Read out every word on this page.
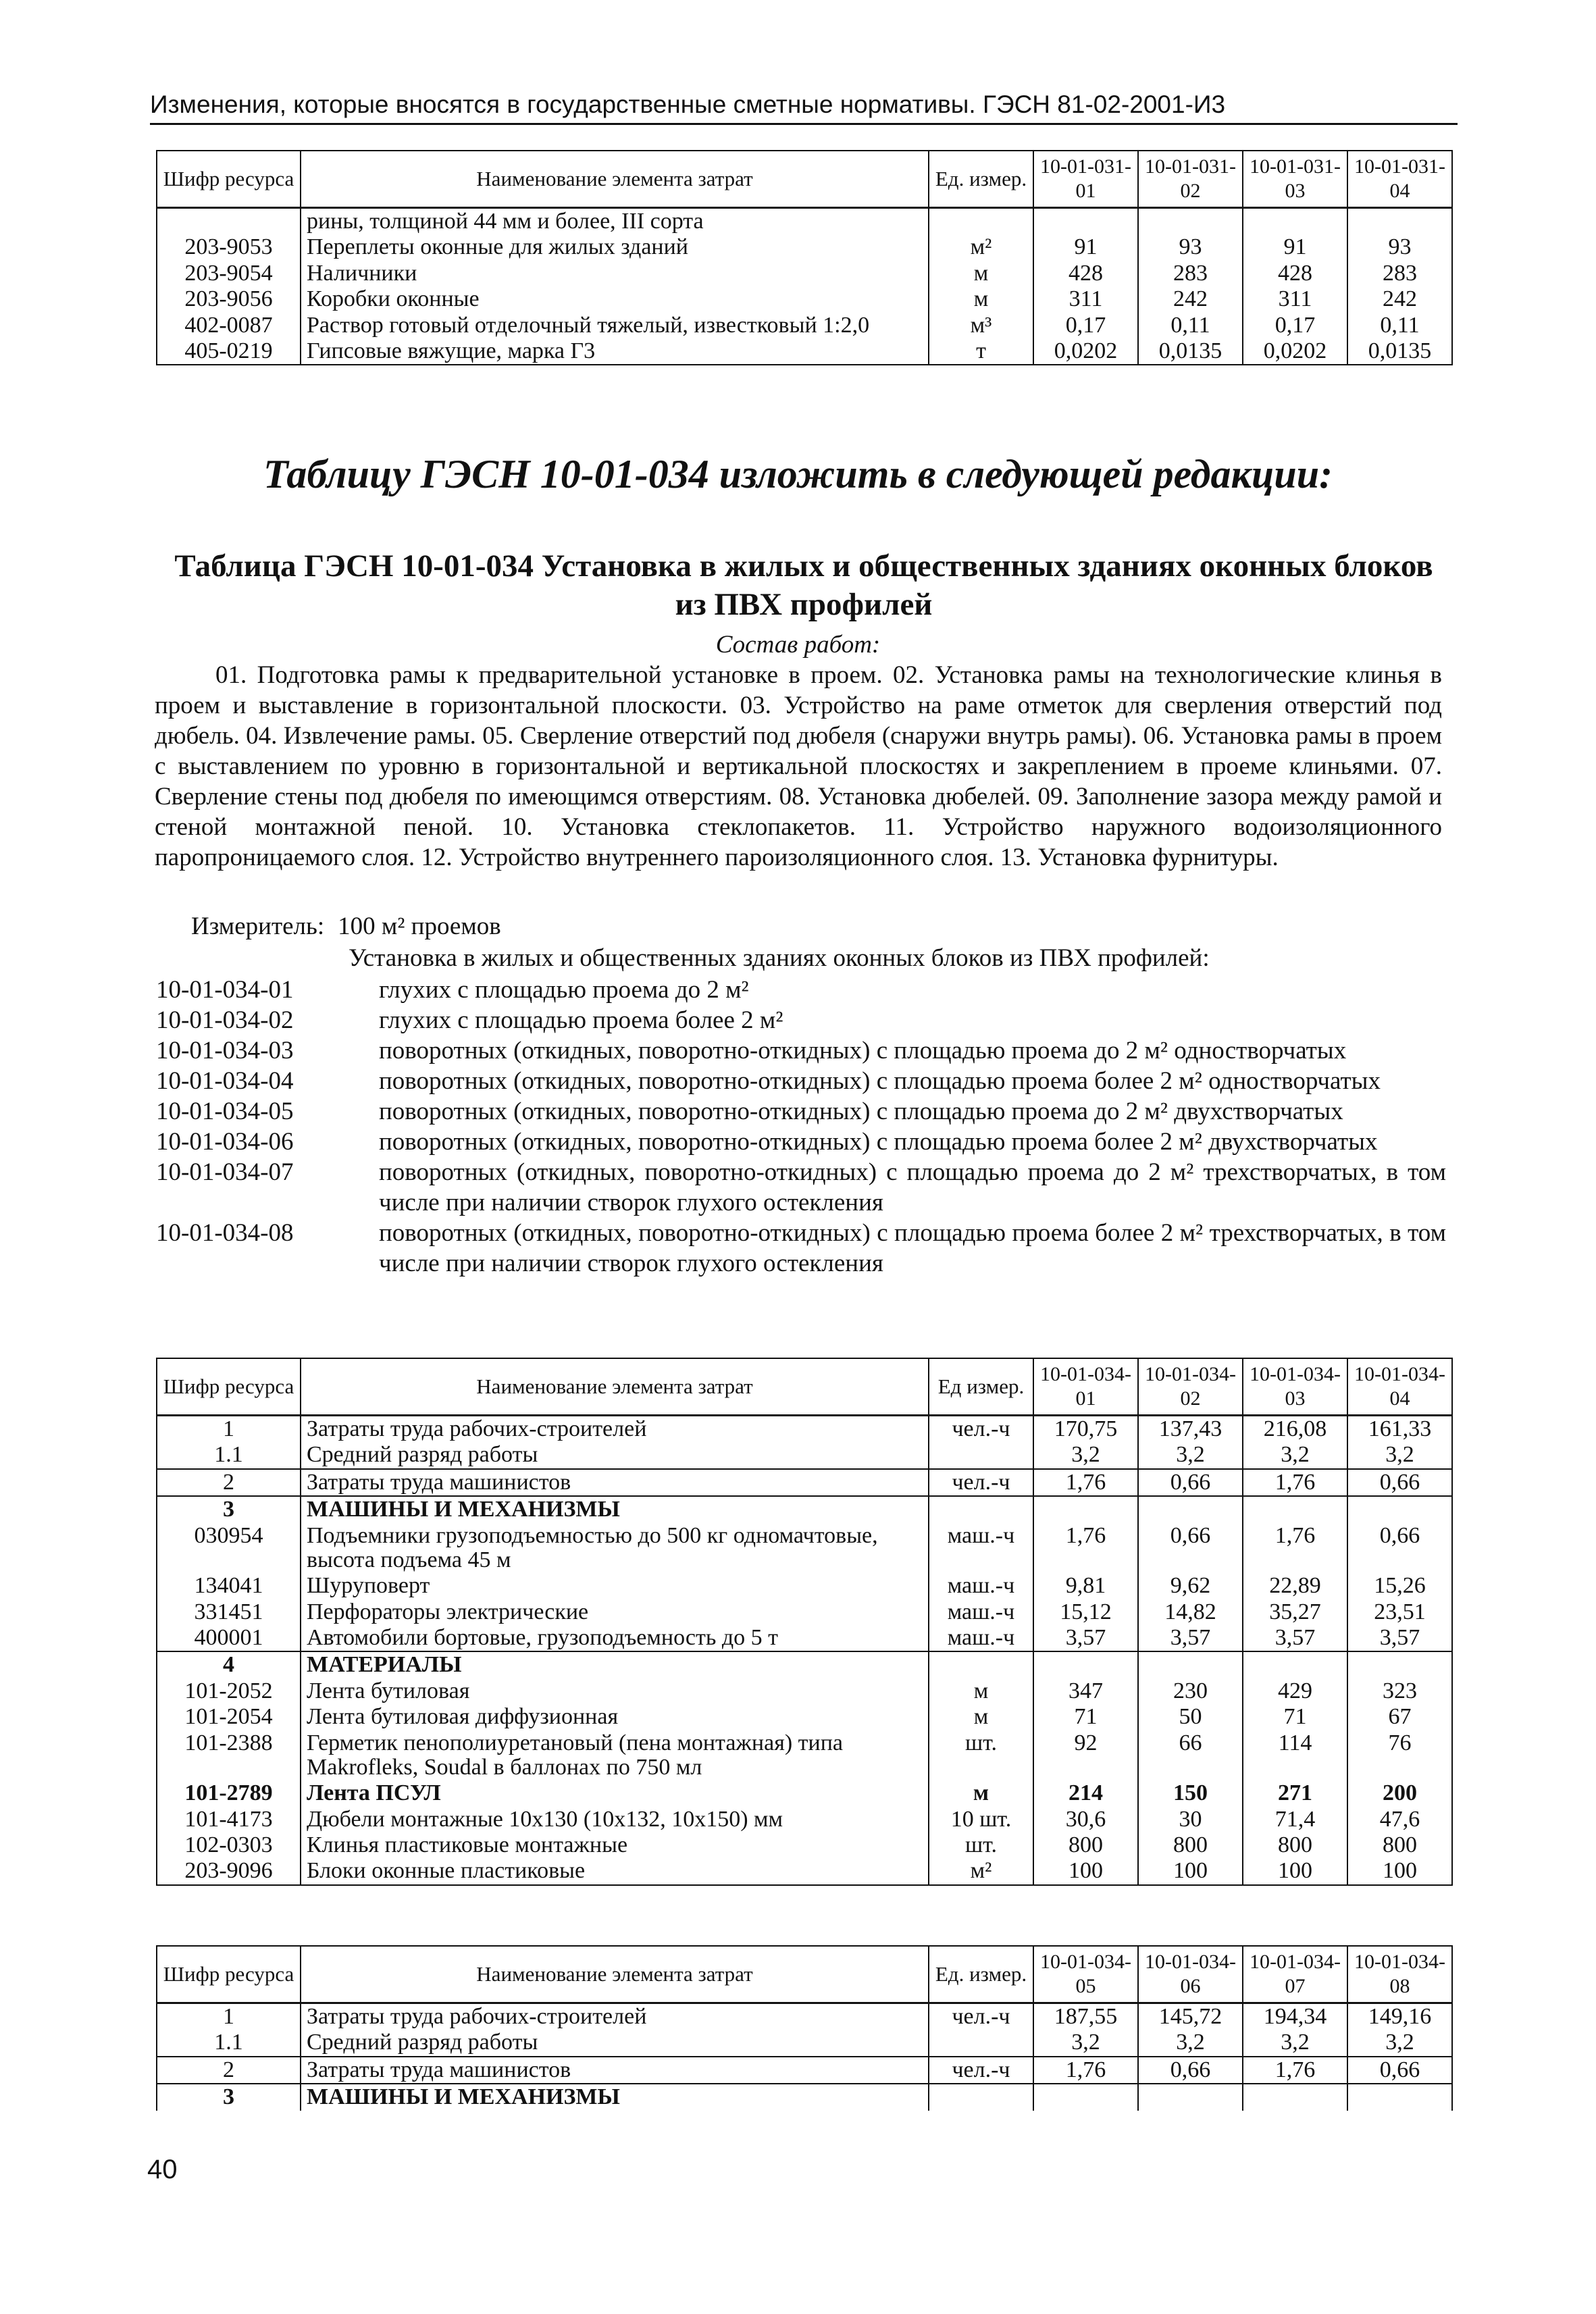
Изменения, которые вносятся в государственные сметные нормативы. ГЭСН 81-02-2001-И3
Шифр ресурса	Наименование элемента затрат	Ед. измер.	10-01-031-01	10-01-031-02	10-01-031-03	10-01-031-04
	рины, толщиной 44 мм и более, III сорта					
203-9053	Переплеты оконные для жилых зданий	м²	91	93	91	93
203-9054	Наличники	м	428	283	428	283
203-9056	Коробки оконные	м	311	242	311	242
402-0087	Раствор готовый отделочный тяжелый, известковый 1:2,0	м³	0,17	0,11	0,17	0,11
405-0219	Гипсовые вяжущие, марка Г3	т	0,0202	0,0135	0,0202	0,0135
Таблицу ГЭСН 10-01-034 изложить в следующей редакции:
Таблица ГЭСН 10-01-034 Установка в жилых и общественных зданиях оконных блоков из ПВХ профилей
Состав работ:
01. Подготовка рамы к предварительной установке в проем. 02. Установка рамы на технологические клинья в проем и выставление в горизонтальной плоскости. 03. Устройство на раме отметок для сверления отверстий под дюбель. 04. Извлечение рамы. 05. Сверление отверстий под дюбеля (снаружи внутрь рамы). 06. Установка рамы в проем с выставлением по уровню в горизонтальной и вертикальной плоскостях и закреплением в проеме клиньями. 07. Сверление стены под дюбеля по имеющимся отверстиям. 08. Установка дюбелей. 09. Заполнение зазора между рамой и стеной монтажной пеной. 10. Установка стеклопакетов. 11. Устройство наружного водоизоляционного паропроницаемого слоя. 12. Устройство внутреннего пароизоляционного слоя. 13. Установка фурнитуры.
Измеритель: 100 м² проемов
Установка в жилых и общественных зданиях оконных блоков из ПВХ профилей:
10-01-034-01	глухих с площадью проема до 2 м²
10-01-034-02	глухих с площадью проема более 2 м²
10-01-034-03	поворотных (откидных, поворотно-откидных) с площадью проема до 2 м² одностворчатых
10-01-034-04	поворотных (откидных, поворотно-откидных) с площадью проема более 2 м² одностворчатых
10-01-034-05	поворотных (откидных, поворотно-откидных) с площадью проема до 2 м² двухстворчатых
10-01-034-06	поворотных (откидных, поворотно-откидных) с площадью проема более 2 м² двухстворчатых
10-01-034-07	поворотных (откидных, поворотно-откидных) с площадью проема до 2 м² трехстворчатых, в том числе при наличии створок глухого остекления
10-01-034-08	поворотных (откидных, поворотно-откидных) с площадью проема более 2 м² трехстворчатых, в том числе при наличии створок глухого остекления
Шифр ресурса	Наименование элемента затрат	Ед измер.	10-01-034-01	10-01-034-02	10-01-034-03	10-01-034-04
1	Затраты труда рабочих-строителей	чел.-ч	170,75	137,43	216,08	161,33
1.1	Средний разряд работы		3,2	3,2	3,2	3,2
2	Затраты труда машинистов	чел.-ч	1,76	0,66	1,76	0,66
3	МАШИНЫ И МЕХАНИЗМЫ					
030954	Подъемники грузоподъемностью до 500 кг одномачтовые, высота подъема 45 м	маш.-ч	1,76	0,66	1,76	0,66
134041	Шуруповерт	маш.-ч	9,81	9,62	22,89	15,26
331451	Перфораторы электрические	маш.-ч	15,12	14,82	35,27	23,51
400001	Автомобили бортовые, грузоподъемность до 5 т	маш.-ч	3,57	3,57	3,57	3,57
4	МАТЕРИАЛЫ					
101-2052	Лента бутиловая	м	347	230	429	323
101-2054	Лента бутиловая диффузионная	м	71	50	71	67
101-2388	Герметик пенополиуретановый (пена монтажная) типа Makroflеks, Soudal в баллонах по 750 мл	шт.	92	66	114	76
101-2789	Лента ПСУЛ	м	214	150	271	200
101-4173	Дюбели монтажные 10х130 (10х132, 10х150) мм	10 шт.	30,6	30	71,4	47,6
102-0303	Клинья пластиковые монтажные	шт.	800	800	800	800
203-9096	Блоки оконные пластиковые	м²	100	100	100	100
Шифр ресурса	Наименование элемента затрат	Ед. измер.	10-01-034-05	10-01-034-06	10-01-034-07	10-01-034-08
1	Затраты труда рабочих-строителей	чел.-ч	187,55	145,72	194,34	149,16
1.1	Средний разряд работы		3,2	3,2	3,2	3,2
2	Затраты труда машинистов	чел.-ч	1,76	0,66	1,76	0,66
3	МАШИНЫ И МЕХАНИЗМЫ					
40
